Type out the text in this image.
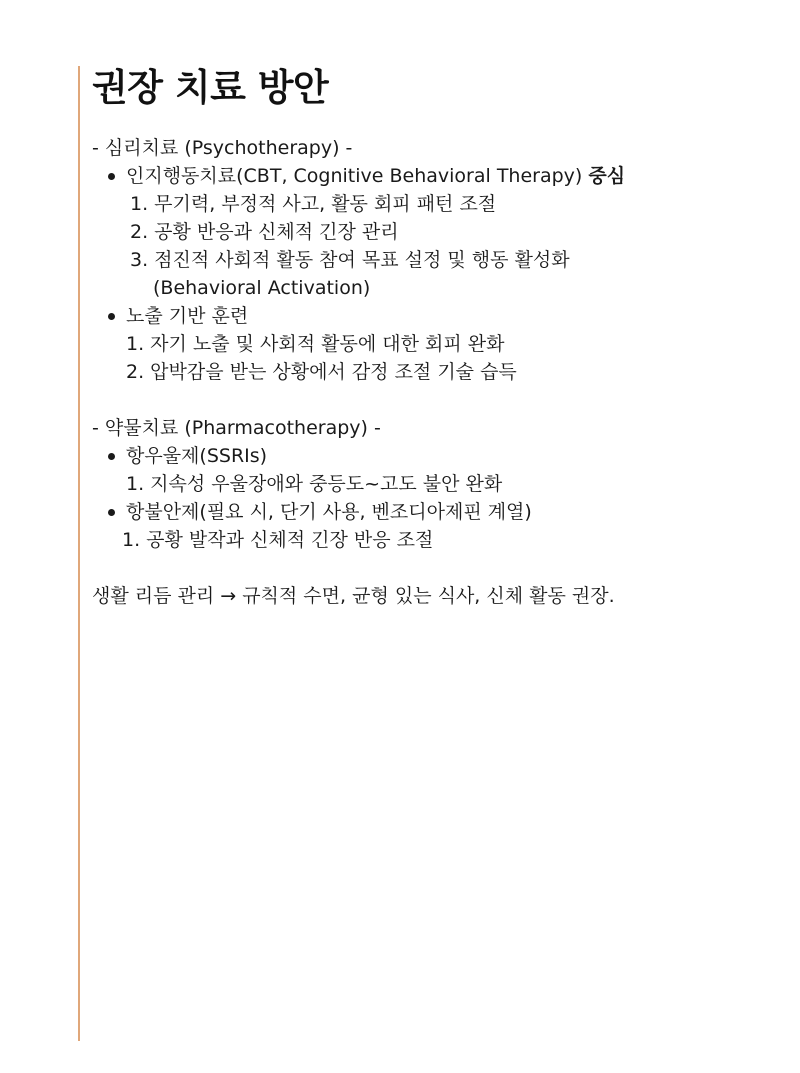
권장 치료 방안
- 심리치료 (Psychotherapy) -
인지행동치료(CBT, Cognitive Behavioral Therapy) 중심
1. 무기력, 부정적 사고, 활동 회피 패턴 조절
2. 공황 반응과 신체적 긴장 관리
3. 점진적 사회적 활동 참여 목표 설정 및 행동 활성화
(Behavioral Activation)
노출 기반 훈련
1. 자기 노출 및 사회적 활동에 대한 회피 완화
2. 압박감을 받는 상황에서 감정 조절 기술 습득
- 약물치료 (Pharmacotherapy) -
항우울제(SSRIs)
1. 지속성 우울장애와 중등도~고도 불안 완화
항불안제(필요 시, 단기 사용, 벤조디아제핀 계열)
1. 공황 발작과 신체적 긴장 반응 조절
생활 리듬 관리 → 규칙적 수면, 균형 있는 식사, 신체 활동 권장.
